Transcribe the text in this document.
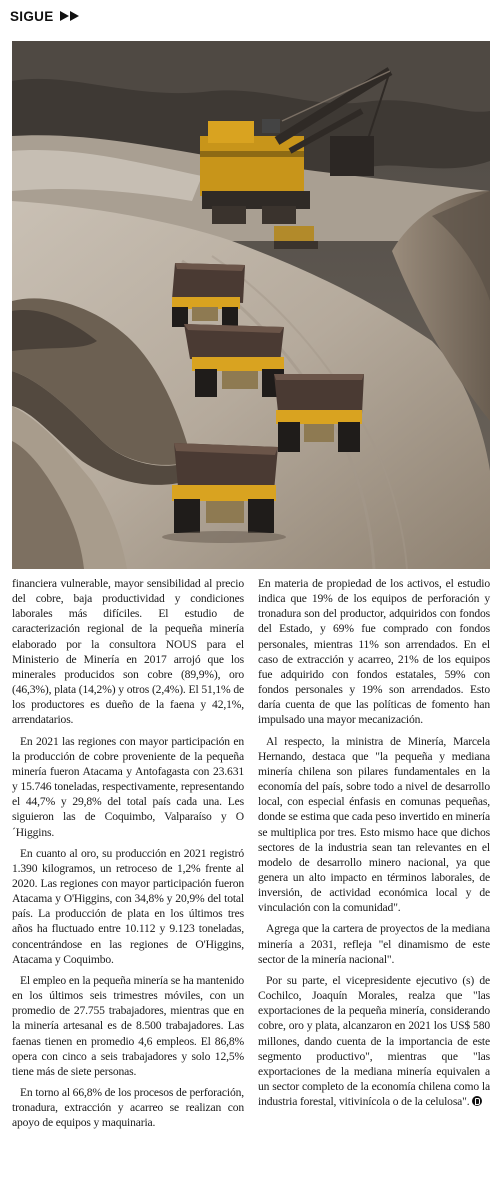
SIGUE

financiera vulnerable, mayor sensibilidad al precio del cobre, baja productividad y condiciones laborales más difíciles. El estudio de caracterización regional de la pequeña minería elaborado por la consultora NOUS para el Ministerio de Minería en 2017 arrojó que los minerales producidos son cobre (89,9%), oro (46,3%), plata (14,2%) y otros (2,4%). El 51,1% de los productores es dueño de la faena y 42,1%, arrendatarios.

En 2021 las regiones con mayor participación en la producción de cobre proveniente de la pequeña minería fueron Atacama y Antofagasta con 23.631 y 15.746 toneladas, respectivamente, representando el 44,7% y 29,8% del total país cada una. Les siguieron las de Coquimbo, Valparaíso y O´Higgins.

En cuanto al oro, su producción en 2021 registró 1.390 kilogramos, un retroceso de 1,2% frente al 2020. Las regiones con mayor participación fueron Atacama y O'Higgins, con 34,8% y 20,9% del total país. La producción de plata en los últimos tres años ha fluctuado entre 10.112 y 9.123 toneladas, concentrándose en las regiones de O'Higgins, Atacama y Coquimbo.

El empleo en la pequeña minería se ha mantenido en los últimos seis trimestres móviles, con un promedio de 27.755 trabajadores, mientras que en la minería artesanal es de 8.500 trabajadores. Las faenas tienen en promedio 4,6 empleos. El 86,8% opera con cinco a seis trabajadores y solo 12,5% tiene más de siete personas.

En torno al 66,8% de los procesos de perforación, tronadura, extracción y acarreo se realizan con apoyo de equipos y maquinaria.

En materia de propiedad de los activos, el estudio indica que 19% de los equipos de perforación y tronadura son del productor, adquiridos con fondos del Estado, y 69% fue comprado con fondos personales, mientras 11% son arrendados. En el caso de extracción y acarreo, 21% de los equipos fue adquirido con fondos estatales, 59% con fondos personales y 19% son arrendados. Esto daría cuenta de que las políticas de fomento han impulsado una mayor mecanización.

Al respecto, la ministra de Minería, Marcela Hernando, destaca que "la pequeña y mediana minería chilena son pilares fundamentales en la economía del país, sobre todo a nivel de desarrollo local, con especial énfasis en comunas pequeñas, donde se estima que cada peso invertido en minería se multiplica por tres. Esto mismo hace que dichos sectores de la industria sean tan relevantes en el modelo de desarrollo minero nacional, ya que genera un alto impacto en términos laborales, de inversión, de actividad económica local y de vinculación con la comunidad".

Agrega que la cartera de proyectos de la mediana minería a 2031, refleja "el dinamismo de este sector de la minería nacional".

Por su parte, el vicepresidente ejecutivo (s) de Cochilco, Joaquín Morales, realza que "las exportaciones de la pequeña minería, considerando cobre, oro y plata, alcanzaron en 2021 los US$ 580 millones, dando cuenta de la importancia de este segmento productivo", mientras que "las exportaciones de la mediana minería equivalen a un sector completo de la economía chilena como la industria forestal, vitivinícola o de la celulosa".
